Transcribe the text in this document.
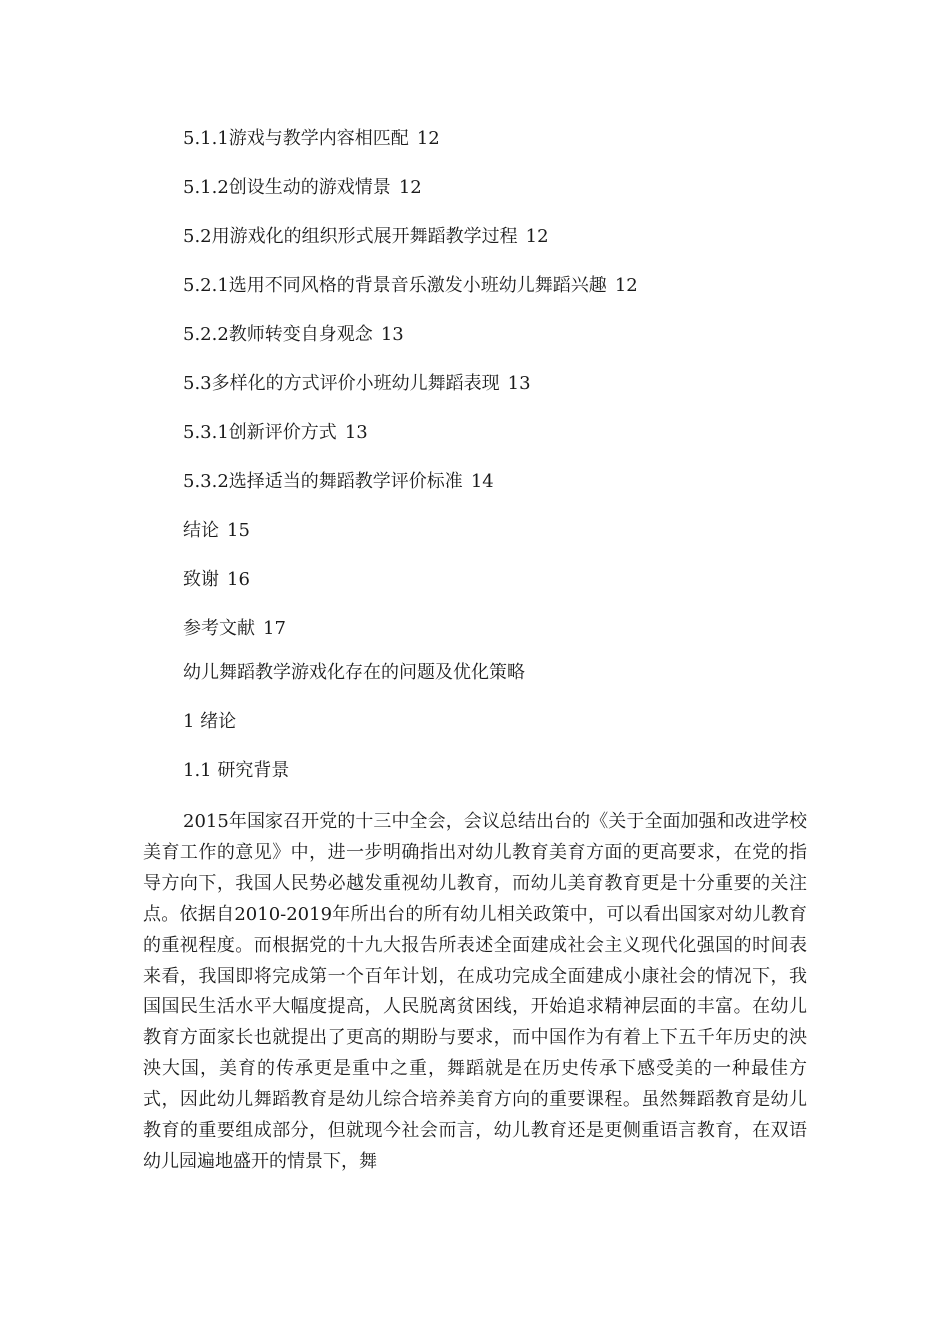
5.1.1游戏与教学内容相匹配 12
5.1.2创设生动的游戏情景 12
5.2用游戏化的组织形式展开舞蹈教学过程 12
5.2.1选用不同风格的背景音乐激发小班幼儿舞蹈兴趣 12
5.2.2教师转变自身观念 13
5.3多样化的方式评价小班幼儿舞蹈表现 13
5.3.1创新评价方式 13
5.3.2选择适当的舞蹈教学评价标准 14
结论 15
致谢 16
参考文献 17
幼儿舞蹈教学游戏化存在的问题及优化策略
1 绪论
1.1 研究背景

2015年国家召开党的十三中全会，会议总结出台的《关于全面加强和改进学校美育工作的意见》中，进一步明确指出对幼儿教育美育方面的更高要求，在党的指导方向下，我国人民势必越发重视幼儿教育，而幼儿美育教育更是十分重要的关注点。依据自2010-2019年所出台的所有幼儿相关政策中，可以看出国家对幼儿教育的重视程度。而根据党的十九大报告所表述全面建成社会主义现代化强国的时间表来看，我国即将完成第一个百年计划，在成功完成全面建成小康社会的情况下，我国国民生活水平大幅度提高，人民脱离贫困线，开始追求精神层面的丰富。在幼儿教育方面家长也就提出了更高的期盼与要求，而中国作为有着上下五千年历史的泱泱大国，美育的传承更是重中之重，舞蹈就是在历史传承下感受美的一种最佳方式，因此幼儿舞蹈教育是幼儿综合培养美育方向的重要课程。虽然舞蹈教育是幼儿教育的重要组成部分，但就现今社会而言，幼儿教育还是更侧重语言教育，在双语幼儿园遍地盛开的情景下，舞
